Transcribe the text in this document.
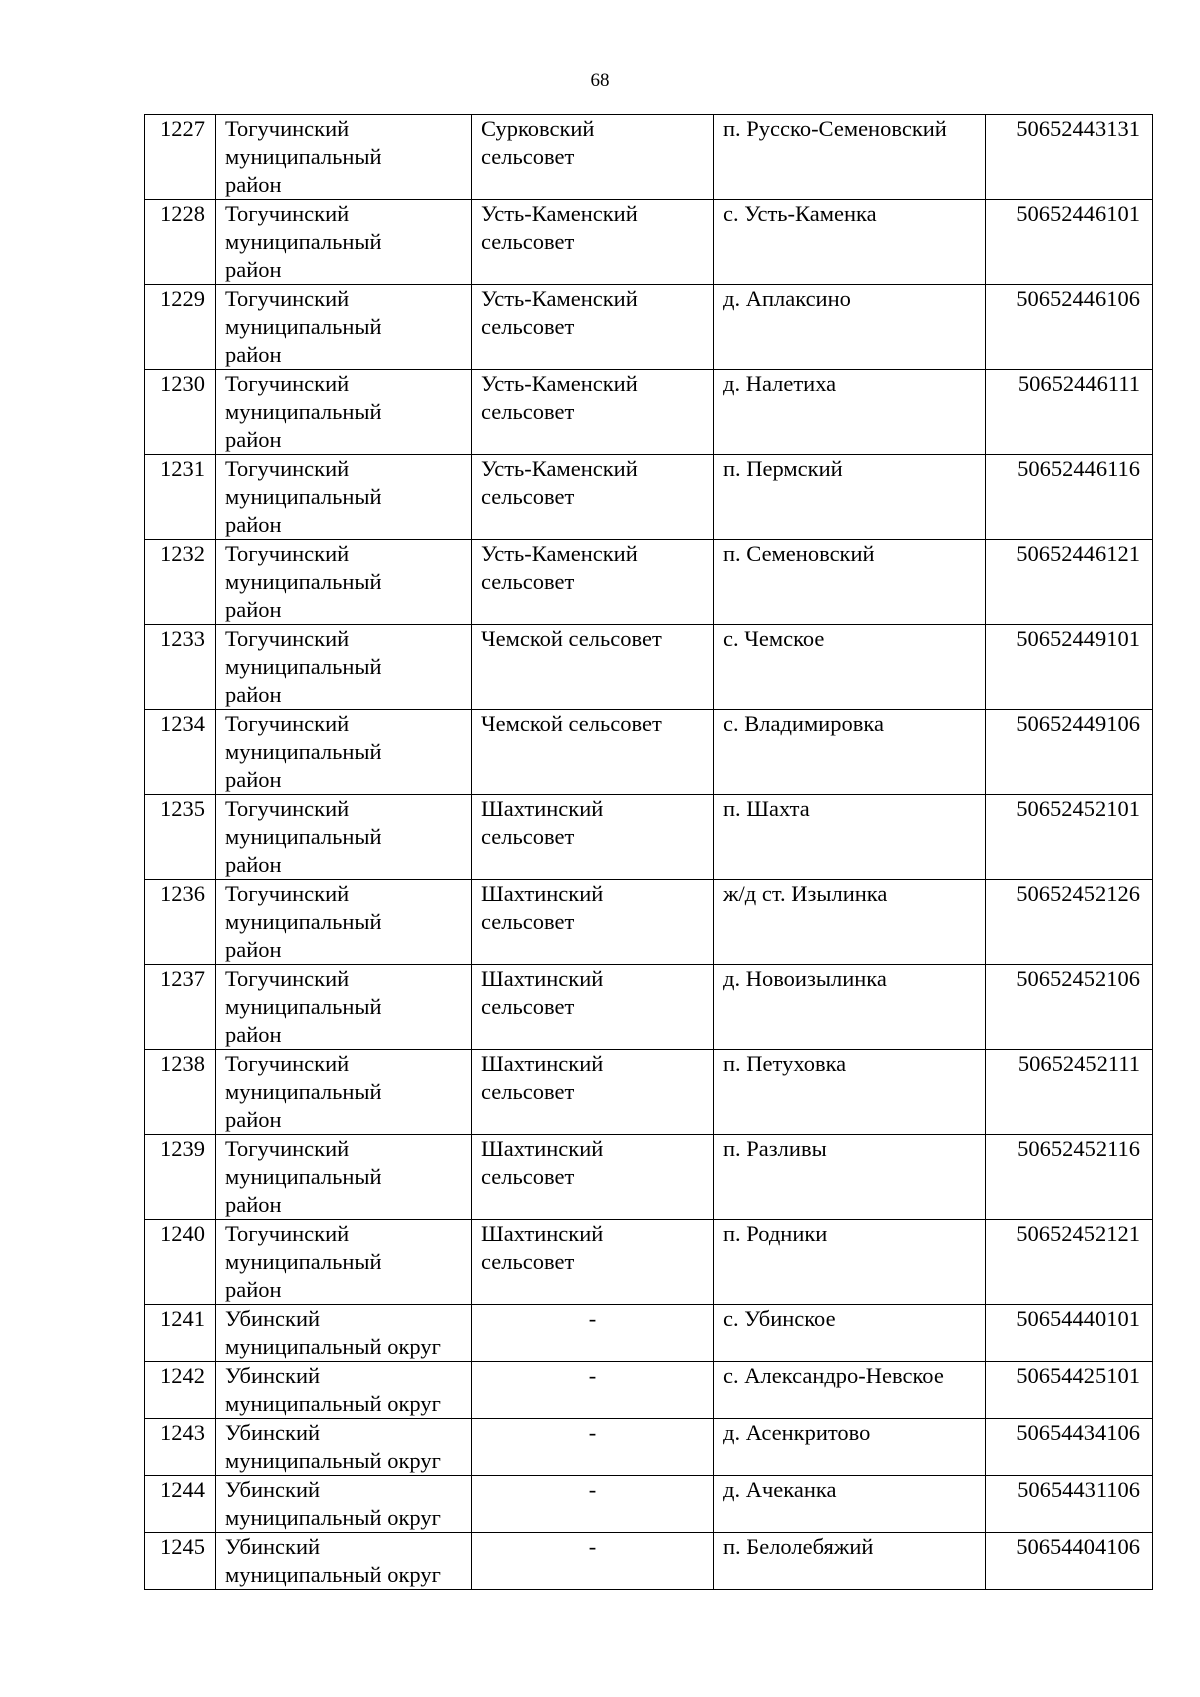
68
1227	Тогучинский
муниципальный
район	Сурковский
сельсовет	п. Русско-Семеновский	50652443131
1228	Тогучинский
муниципальный
район	Усть-Каменский
сельсовет	с. Усть-Каменка	50652446101
1229	Тогучинский
муниципальный
район	Усть-Каменский
сельсовет	д. Аплаксино	50652446106
1230	Тогучинский
муниципальный
район	Усть-Каменский
сельсовет	д. Налетиха	50652446111
1231	Тогучинский
муниципальный
район	Усть-Каменский
сельсовет	п. Пермский	50652446116
1232	Тогучинский
муниципальный
район	Усть-Каменский
сельсовет	п. Семеновский	50652446121
1233	Тогучинский
муниципальный
район	Чемской сельсовет	с. Чемское	50652449101
1234	Тогучинский
муниципальный
район	Чемской сельсовет	с. Владимировка	50652449106
1235	Тогучинский
муниципальный
район	Шахтинский
сельсовет	п. Шахта	50652452101
1236	Тогучинский
муниципальный
район	Шахтинский
сельсовет	ж/д ст. Изылинка	50652452126
1237	Тогучинский
муниципальный
район	Шахтинский
сельсовет	д. Новоизылинка	50652452106
1238	Тогучинский
муниципальный
район	Шахтинский
сельсовет	п. Петуховка	50652452111
1239	Тогучинский
муниципальный
район	Шахтинский
сельсовет	п. Разливы	50652452116
1240	Тогучинский
муниципальный
район	Шахтинский
сельсовет	п. Родники	50652452121
1241	Убинский
муниципальный округ	-	с. Убинское	50654440101
1242	Убинский
муниципальный округ	-	с. Александро-Невское	50654425101
1243	Убинский
муниципальный округ	-	д. Асенкритово	50654434106
1244	Убинский
муниципальный округ	-	д. Ачеканка	50654431106
1245	Убинский
муниципальный округ	-	п. Белолебяжий	50654404106
